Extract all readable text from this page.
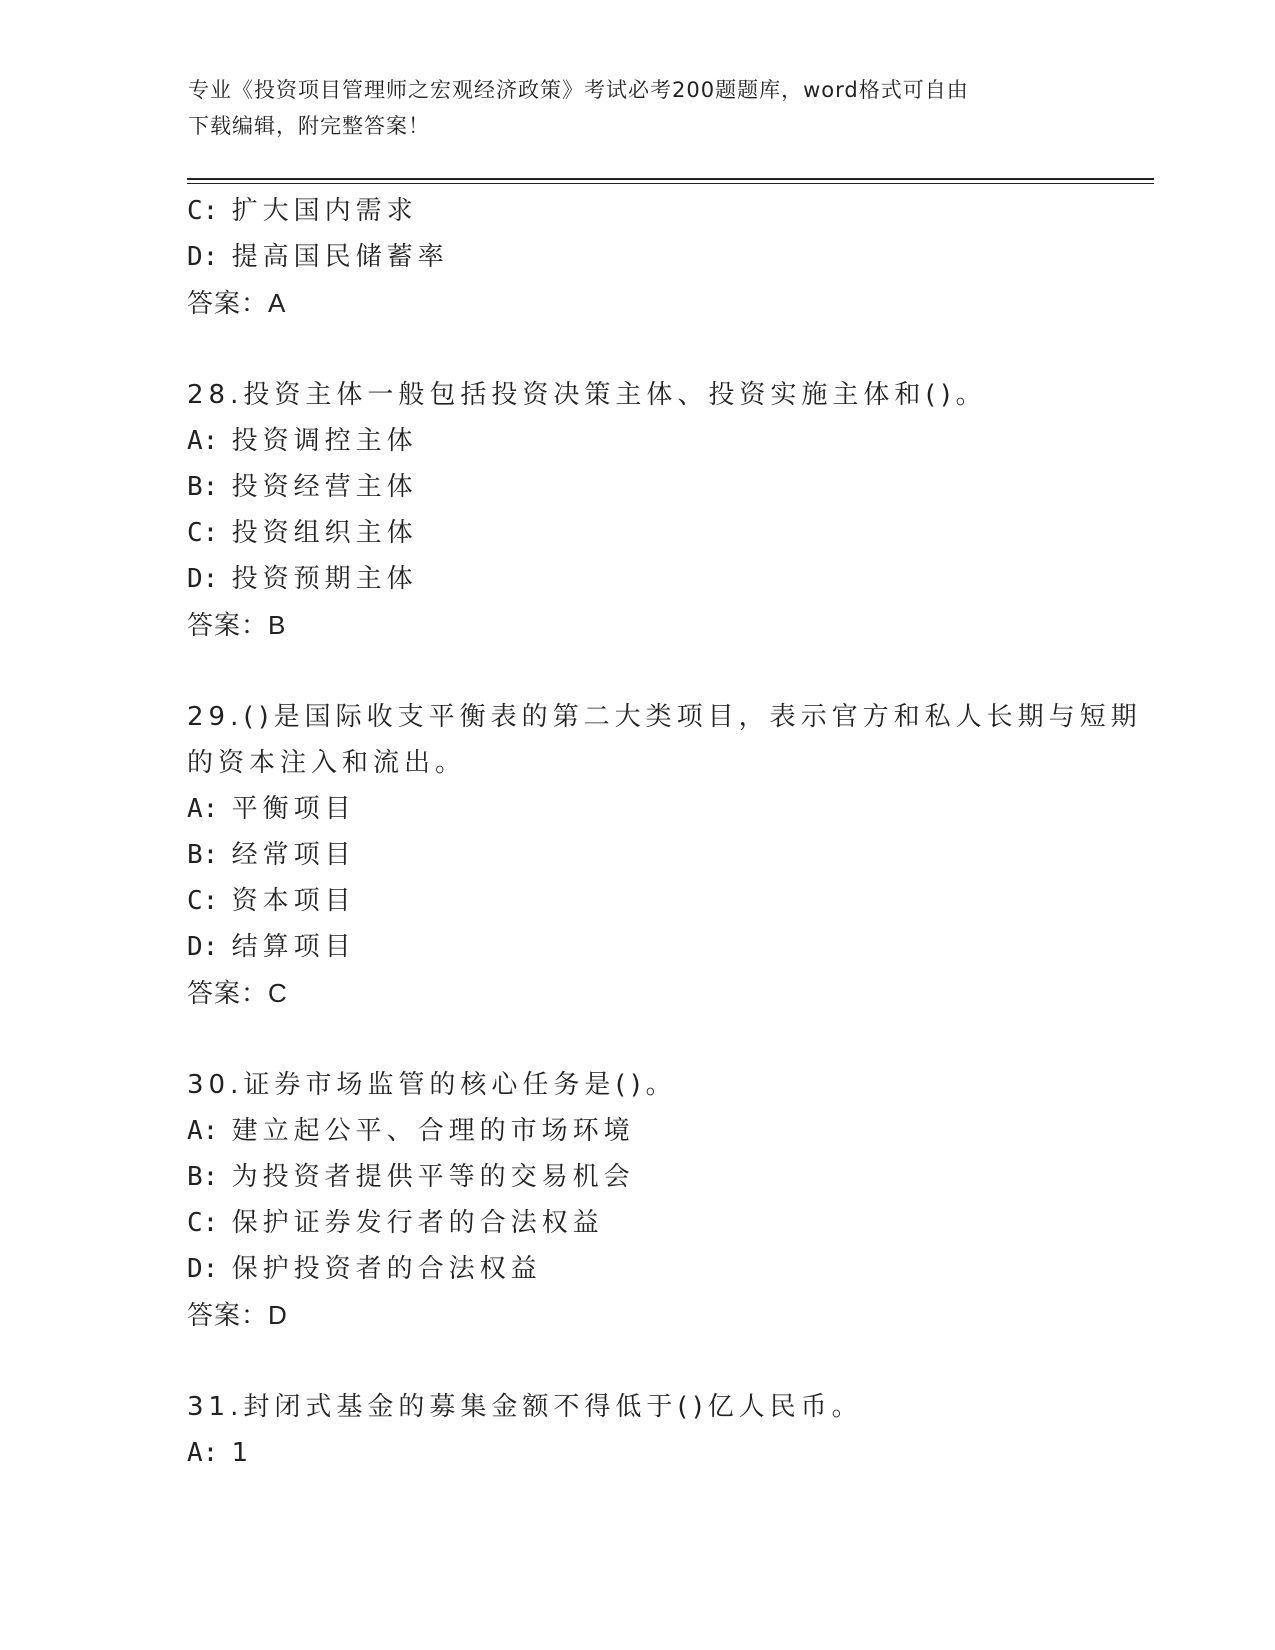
专业《投资项目管理师之宏观经济政策》考试必考200题题库，word格式可自由
下载编辑，附完整答案！
C: 扩大国内需求
D: 提高国民储蓄率
答案：A
28.投资主体一般包括投资决策主体、投资实施主体和()。
A: 投资调控主体
B: 投资经营主体
C: 投资组织主体
D: 投资预期主体
答案：B
29.()是国际收支平衡表的第二大类项目，表示官方和私人长期与短期
的资本注入和流出。
A: 平衡项目
B: 经常项目
C: 资本项目
D: 结算项目
答案：C
30.证券市场监管的核心任务是()。
A: 建立起公平、合理的市场环境
B: 为投资者提供平等的交易机会
C: 保护证券发行者的合法权益
D: 保护投资者的合法权益
答案：D
31.封闭式基金的募集金额不得低于()亿人民币。
A: 1
